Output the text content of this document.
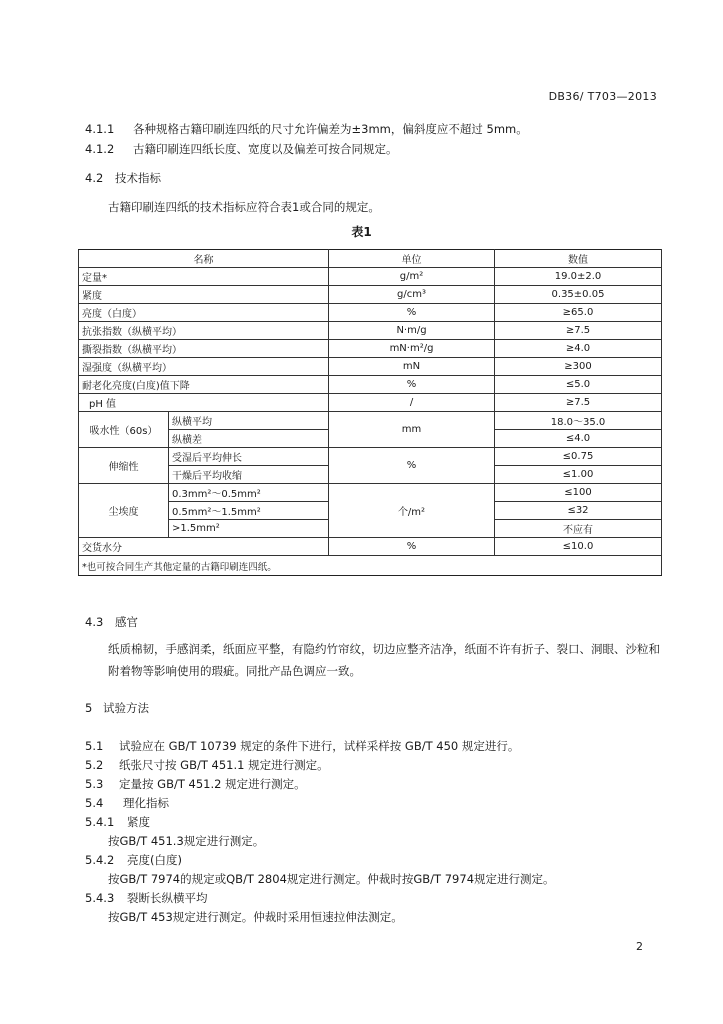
DB36/ T703—2013
4.1.1 各种规格古籍印刷连四纸的尺寸允许偏差为±3mm，偏斜度应不超过 5mm。
4.1.2 古籍印刷连四纸长度、宽度以及偏差可按合同规定。
4.2 技术指标
古籍印刷连四纸的技术指标应符合表1或合同的规定。
表1
名称		单位	数值
定量*		g/m²	19.0±2.0
紧度		g/cm³	0.35±0.05
亮度（白度）		%	≥65.0
抗张指数（纵横平均）		N·m/g	≥7.5
撕裂指数（纵横平均）		mN·m²/g	≥4.0
湿强度（纵横平均）		mN	≥300
耐老化亮度(白度)值下降		%	≤5.0
pH 值		/	≥7.5
吸水性（60s）	纵横平均	mm	18.0～35.0
	纵横差		≤4.0
伸缩性	受湿后平均伸长	%	≤0.75
	干燥后平均收缩		≤1.00
尘埃度	0.3mm²～0.5mm²	个/m²	≤100
	0.5mm²～1.5mm²		≤32
	>1.5mm²		不应有
交货水分		%	≤10.0
*也可按合同生产其他定量的古籍印刷连四纸。			
4.3 感官
纸质棉韧，手感润柔，纸面应平整，有隐约竹帘纹，切边应整齐洁净，纸面不许有折子、裂口、洞眼、沙粒和附着物等影响使用的瑕疵。同批产品色调应一致。
5 试验方法
5.1 试验应在 GB/T 10739 规定的条件下进行，试样采样按 GB/T 450 规定进行。
5.2 纸张尺寸按 GB/T 451.1 规定进行测定。
5.3 定量按 GB/T 451.2 规定进行测定。
5.4 理化指标
5.4.1 紧度
按GB/T 451.3规定进行测定。
5.4.2 亮度(白度)
按GB/T 7974的规定或QB/T 2804规定进行测定。仲裁时按GB/T 7974规定进行测定。
5.4.3 裂断长纵横平均
按GB/T 453规定进行测定。仲裁时采用恒速拉伸法测定。
2
